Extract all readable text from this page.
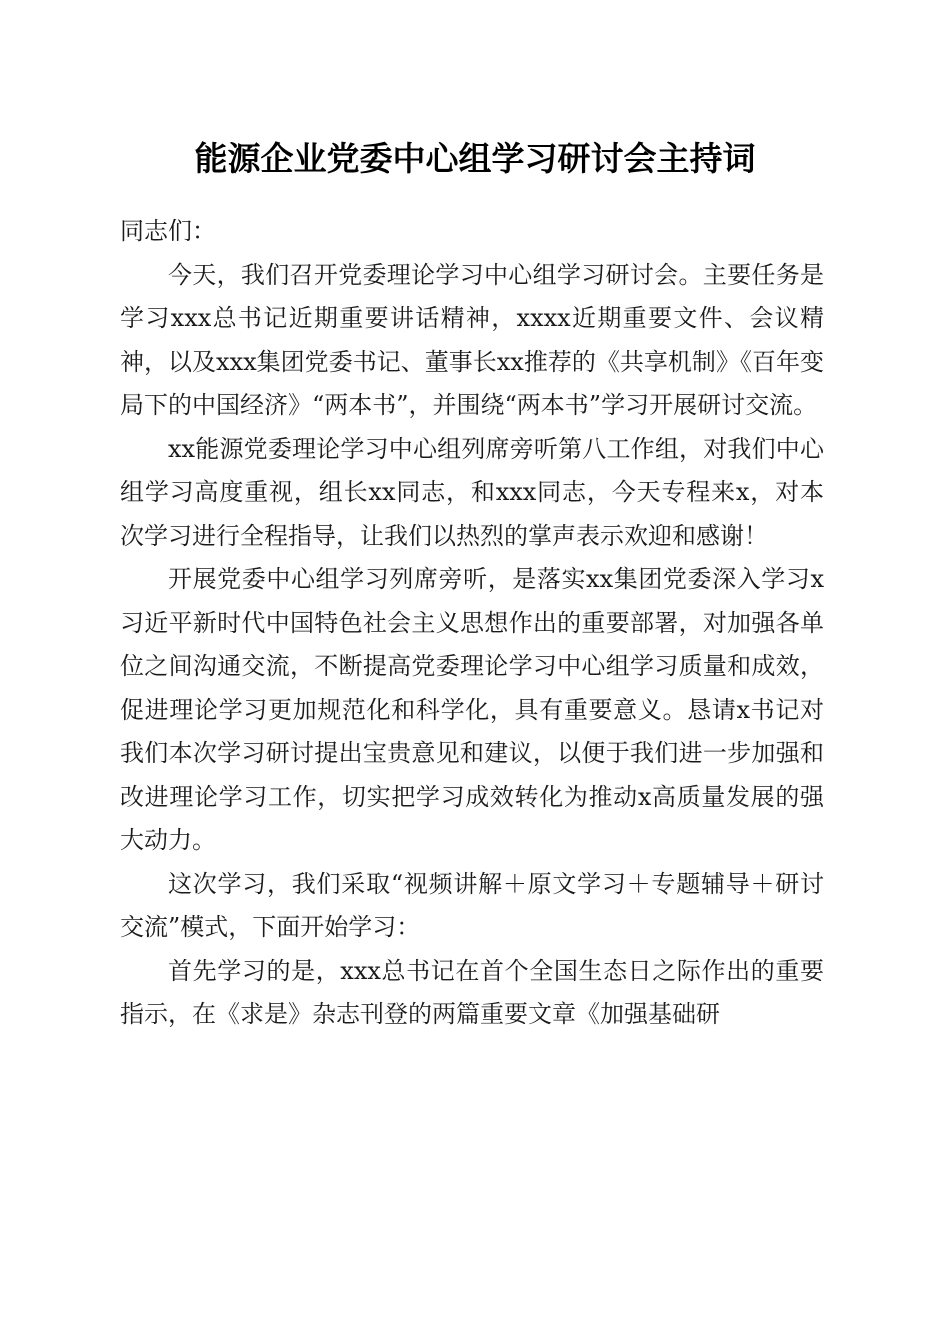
能源企业党委中心组学习研讨会主持词

同志们：

今天，我们召开党委理论学习中心组学习研讨会。主要任务是学习xxx总书记近期重要讲话精神，xxxx近期重要文件、会议精神，以及xxx集团党委书记、董事长xx推荐的《共享机制》《百年变局下的中国经济》“两本书”，并围绕“两本书”学习开展研讨交流。

xx能源党委理论学习中心组列席旁听第八工作组，对我们中心组学习高度重视，组长xx同志，和xxx同志，今天专程来x，对本次学习进行全程指导，让我们以热烈的掌声表示欢迎和感谢！

开展党委中心组学习列席旁听，是落实xx集团党委深入学习x习近平新时代中国特色社会主义思想作出的重要部署，对加强各单位之间沟通交流，不断提高党委理论学习中心组学习质量和成效，促进理论学习更加规范化和科学化，具有重要意义。恳请x书记对我们本次学习研讨提出宝贵意见和建议，以便于我们进一步加强和改进理论学习工作，切实把学习成效转化为推动x高质量发展的强大动力。

这次学习，我们采取“视频讲解＋原文学习＋专题辅导＋研讨交流”模式，下面开始学习：

首先学习的是，xxx总书记在首个全国生态日之际作出的重要指示，在《求是》杂志刊登的两篇重要文章《加强基础研
